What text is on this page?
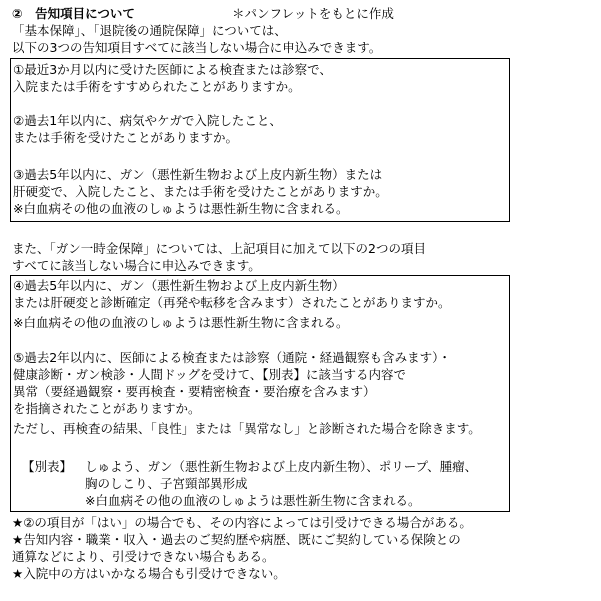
②　告知項目について	＊パンフレットをもとに作成
「基本保障」、「退院後の通院保障」については、
以下の3つの告知項目すべてに該当しない場合に申込みできます。
①最近3か月以内に受けた医師による検査または診察で、
入院または手術をすすめられたことがありますか。
②過去1年以内に、病気やケガで入院したこと、
または手術を受けたことがありますか。
③過去5年以内に、ガン（悪性新生物および上皮内新生物）または
肝硬変で、入院したこと、または手術を受けたことがありますか。
※白血病その他の血液のしゅようは悪性新生物に含まれる。
また、「ガン一時金保障」については、上記項目に加えて以下の2つの項目
すべてに該当しない場合に申込みできます。
④過去5年以内に、ガン（悪性新生物および上皮内新生物）
または肝硬変と診断確定（再発や転移を含みます）されたことがありますか。
※白血病その他の血液のしゅようは悪性新生物に含まれる。
⑤過去2年以内に、医師による検査または診察（通院・経過観察も含みます）・
健康診断・ガン検診・人間ドッグを受けて、【別表】に該当する内容で
異常（要経過観察・要再検査・要精密検査・要治療を含みます）
を指摘されたことがありますか。
ただし、再検査の結果、「良性」または「異常なし」と診断された場合を除きます。
【別表】 しゅよう、ガン（悪性新生物および上皮内新生物）、ポリープ、腫瘤、
胸のしこり、子宮頸部異形成
※白血病その他の血液のしゅようは悪性新生物に含まれる。
★②の項目が「はい」の場合でも、その内容によっては引受けできる場合がある。
★告知内容・職業・収入・過去のご契約歴や病歴、既にご契約している保険との
通算などにより、引受けできない場合もある。
★入院中の方はいかなる場合も引受けできない。
